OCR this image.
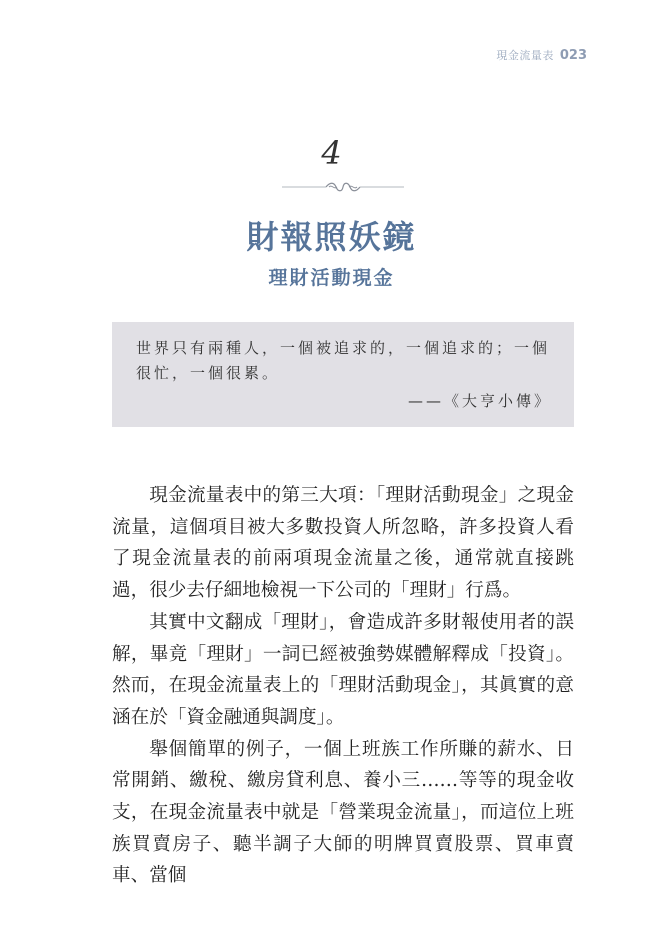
現金流量表 023
4
財報照妖鏡
理財活動現金

世界只有兩種人，一個被追求的，一個追求的；一個很忙，一個很累。

——《大亨小傳》

現金流量表中的第三大項：「理財活動現金」之現金流量，這個項目被大多數投資人所忽略，許多投資人看了現金流量表的前兩項現金流量之後，通常就直接跳過，很少去仔細地檢視一下公司的「理財」行爲。

其實中文翻成「理財」，會造成許多財報使用者的誤解，畢竟「理財」一詞已經被強勢媒體解釋成「投資」。然而，在現金流量表上的「理財活動現金」，其眞實的意涵在於「資金融通與調度」。

舉個簡單的例子，一個上班族工作所賺的薪水、日常開銷、繳稅、繳房貸利息、養小三……等等的現金收支，在現金流量表中就是「營業現金流量」，而這位上班族買賣房子、聽半調子大師的明牌買賣股票、買車賣車、當個
